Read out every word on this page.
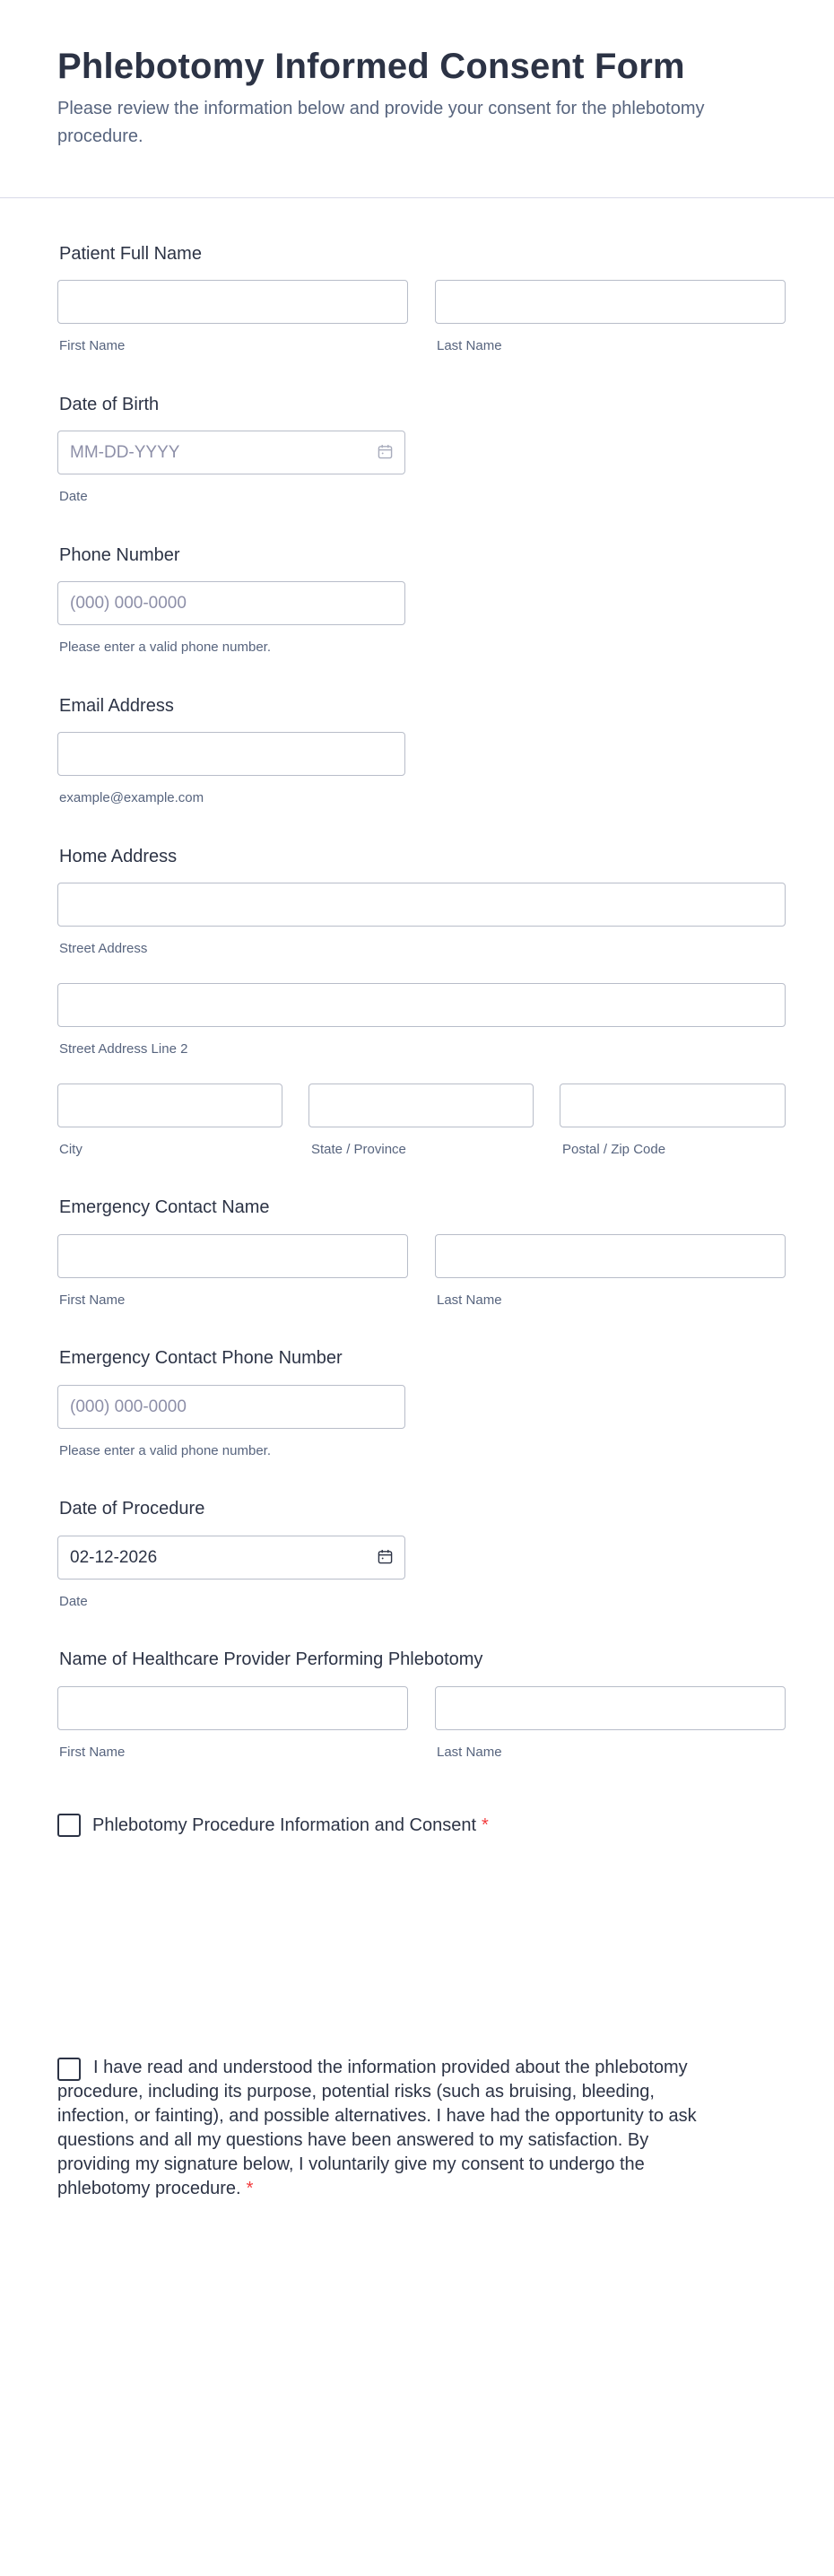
Phlebotomy Informed Consent Form

Please review the information below and provide your consent for the phlebotomy procedure.

Patient Full Name

First Name	Last Name

Date of Birth

MM-DD-YYYY

Date

Phone Number

(000) 000-0000

Please enter a valid phone number.

Email Address

example@example.com

Home Address

Street Address

Street Address Line 2

City	State / Province	Postal / Zip Code

Emergency Contact Name

First Name	Last Name

Emergency Contact Phone Number

(000) 000-0000

Please enter a valid phone number.

Date of Procedure

02-12-2026

Date

Name of Healthcare Provider Performing Phlebotomy

First Name	Last Name

Phlebotomy Procedure Information and Consent *

I have read and understood the information provided about the phlebotomy procedure, including its purpose, potential risks (such as bruising, bleeding, infection, or fainting), and possible alternatives. I have had the opportunity to ask questions and all my questions have been answered to my satisfaction. By providing my signature below, I voluntarily give my consent to undergo the phlebotomy procedure. *
